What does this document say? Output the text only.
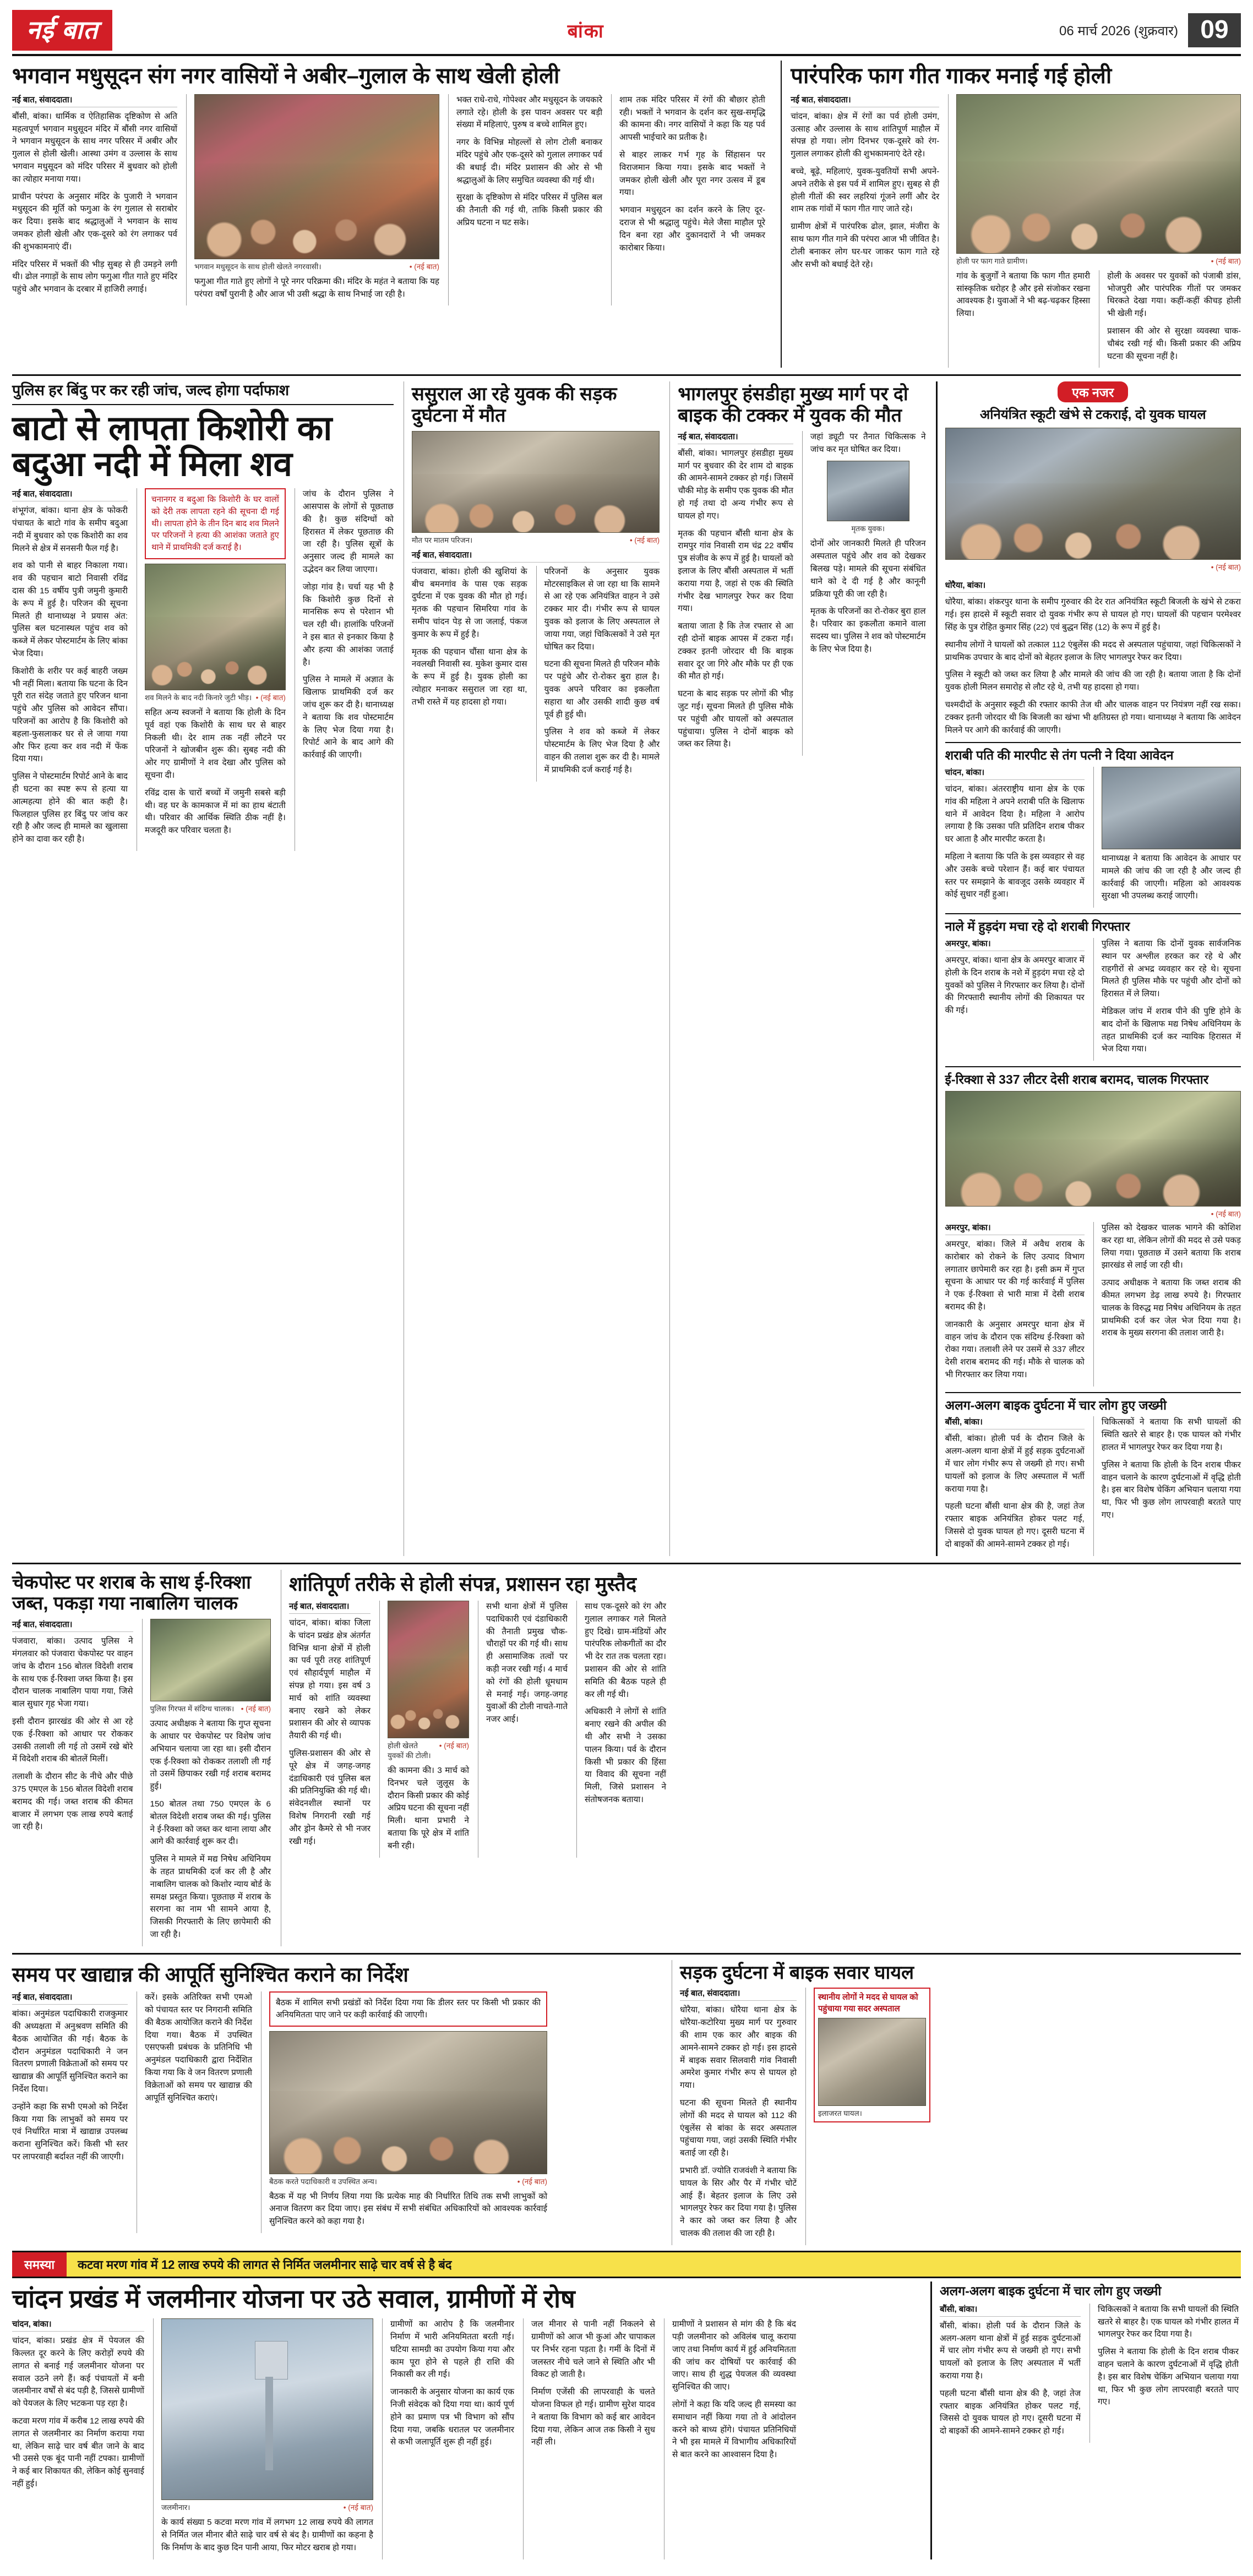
नई बात	बांका	06 मार्च 2026 (शुक्रवार) 09
भगवान मधुसूदन संग नगर वासियों ने अबीर–गुलाल के साथ खेली होली
नई बात, संवाददाता।

बौंसी, बांका। धार्मिक व ऐतिहासिक दृष्टिकोण से अति महत्वपूर्ण भगवान मधुसूदन मंदिर में बौंसी नगर वासियों ने भगवान मधुसूदन के साथ नगर परिसर में अबीर और गुलाल से होली खेली। आस्था उमंग व उल्लास के साथ भगवान मधुसूदन को मंदिर परिसर में बुधवार को होली का त्योहार मनाया गया।

प्राचीन परंपरा के अनुसार मंदिर के पुजारी ने भगवान मधुसूदन की मूर्ति को फगुआ के रंग गुलाल से सराबोर कर दिया। इसके बाद श्रद्धालुओं ने भगवान के साथ जमकर होली खेली और एक-दूसरे को रंग लगाकर पर्व की शुभकामनाएं दीं।

मंदिर परिसर में भक्तों की भीड़ सुबह से ही उमड़ने लगी थी। ढोल नगाड़ों के साथ लोग फगुआ गीत गाते हुए मंदिर पहुंचे और भगवान के दरबार में हाजिरी लगाई।

भगवान मधुसूदन के साथ होली खेलते नगरवासी।	• (नई बात)

फगुआ गीत गाते हुए लोगों ने पूरे नगर परिक्रमा की। मंदिर के महंत ने बताया कि यह परंपरा वर्षों पुरानी है और आज भी उसी श्रद्धा के साथ निभाई जा रही है।

भक्त राधे-राधे, गोपेश्वर और मधुसूदन के जयकारे लगाते रहे। होली के इस पावन अवसर पर बड़ी संख्या में महिलाएं, पुरुष व बच्चे शामिल हुए।

नगर के विभिन्न मोहल्लों से लोग टोली बनाकर मंदिर पहुंचे और एक-दूसरे को गुलाल लगाकर पर्व की बधाई दी। मंदिर प्रशासन की ओर से भी श्रद्धालुओं के लिए समुचित व्यवस्था की गई थी।

सुरक्षा के दृष्टिकोण से मंदिर परिसर में पुलिस बल की तैनाती की गई थी, ताकि किसी प्रकार की अप्रिय घटना न घट सके।

शाम तक मंदिर परिसर में रंगों की बौछार होती रही। भक्तों ने भगवान के दर्शन कर सुख-समृद्धि की कामना की। नगर वासियों ने कहा कि यह पर्व आपसी भाईचारे का प्रतीक है।

से बाहर लाकर गर्भ गृह के सिंहासन पर विराजमान किया गया। इसके बाद भक्तों ने जमकर होली खेली और पूरा नगर उत्सव में डूब गया।

भगवान मधुसूदन का दर्शन करने के लिए दूर-दराज से भी श्रद्धालु पहुंचे। मेले जैसा माहौल पूरे दिन बना रहा और दुकानदारों ने भी जमकर कारोबार किया।

पारंपरिक फाग गीत गाकर मनाई गई होली
नई बात, संवाददाता।

चांदन, बांका। क्षेत्र में रंगों का पर्व होली उमंग, उत्साह और उल्लास के साथ शांतिपूर्ण माहौल में संपन्न हो गया। लोग दिनभर एक-दूसरे को रंग-गुलाल लगाकर होली की शुभकामनाएं देते रहे।

बच्चे, बूढ़े, महिलाएं, युवक-युवतियों सभी अपने-अपने तरीके से इस पर्व में शामिल हुए। सुबह से ही होली गीतों की स्वर लहरियां गूंजने लगीं और देर शाम तक गांवों में फाग गीत गाए जाते रहे।

ग्रामीण क्षेत्रों में पारंपरिक ढोल, झाल, मंजीरा के साथ फाग गीत गाने की परंपरा आज भी जीवित है। टोली बनाकर लोग घर-घर जाकर फाग गाते रहे और सभी को बधाई देते रहे।	होली पर फाग गाते ग्रामीण।	• (नई बात)

गांव के बुजुर्गों ने बताया कि फाग गीत हमारी सांस्कृतिक धरोहर है और इसे संजोकर रखना आवश्यक है। युवाओं ने भी बढ़-चढ़कर हिस्सा लिया।

होली के अवसर पर युवकों को पंजाबी डांस, भोजपुरी और पारंपरिक गीतों पर जमकर थिरकते देखा गया। कहीं-कहीं कीचड़ होली भी खेली गई।

प्रशासन की ओर से सुरक्षा व्यवस्था चाक-चौबंद रखी गई थी। किसी प्रकार की अप्रिय घटना की सूचना नहीं है।

पुलिस हर बिंदु पर कर रही जांच, जल्द होगा पर्दाफाश
बाटो से लापता किशोरी का बदुआ नदी में मिला शव
नई बात, संवाददाता।

शंभूगंज, बांका। थाना क्षेत्र के फोकरी पंचायत के बाटो गांव के समीप बदुआ नदी में बुधवार को एक किशोरी का शव मिलने से क्षेत्र में सनसनी फैल गई है।

शव को पानी से बाहर निकाला गया। शव की पहचान बाटो निवासी रविंद्र दास की 15 वर्षीय पुत्री जमुनी कुमारी के रूप में हुई है। परिजन की सूचना मिलते ही थानाध्यक्ष ने प्रयास अंत: पुलिस बल घटनास्थल पहुंच शव को कब्जे में लेकर पोस्टमार्टम के लिए बांका भेज दिया।

किशोरी के शरीर पर कई बाहरी जख्म भी नहीं मिला। बताया कि घटना के दिन पूरी रात संदेह जताते हुए परिजन थाना पहुंचे और पुलिस को आवेदन सौंपा। परिजनों का आरोप है कि किशोरी को बहला-फुसलाकर घर से ले जाया गया और फिर हत्या कर शव नदी में फेंक दिया गया।

पुलिस ने पोस्टमार्टम रिपोर्ट आने के बाद ही घटना का स्पष्ट रूप से हत्या या आत्महत्या होने की बात कही है। फिलहाल पुलिस हर बिंदु पर जांच कर रही है और जल्द ही मामले का खुलासा होने का दावा कर रही है।

चनानगर व बदुआ कि किशोरी के घर वालों को देरी तक लापता रहने की सूचना दी गई थी। लापता होने के तीन दिन बाद शव मिलने पर परिजनों ने हत्या की आशंका जताते हुए थाने में प्राथमिकी दर्ज कराई है।
शव मिलने के बाद नदी किनारे जुटी भीड़। • (नई बात)

सहित अन्य स्वजनों ने बताया कि होली के दिन पूर्व वहां एक किशोरी के साथ घर से बाहर निकली थी। देर शाम तक नहीं लौटने पर परिजनों ने खोजबीन शुरू की। सुबह नदी की ओर गए ग्रामीणों ने शव देखा और पुलिस को सूचना दी।

रविंद्र दास के चारों बच्चों में जमुनी सबसे बड़ी थी। वह घर के कामकाज में मां का हाथ बंटाती थी। परिवार की आर्थिक स्थिति ठीक नहीं है। मजदूरी कर परिवार चलता है।

जांच के दौरान पुलिस ने आसपास के लोगों से पूछताछ की है। कुछ संदिग्धों को हिरासत में लेकर पूछताछ की जा रही है। पुलिस सूत्रों के अनुसार जल्द ही मामले का उद्भेदन कर लिया जाएगा।

जोड़ा गांव है। चर्चा यह भी है कि किशोरी कुछ दिनों से मानसिक रूप से परेशान भी चल रही थी। हालांकि परिजनों ने इस बात से इनकार किया है और हत्या की आशंका जताई है।

पुलिस ने मामले में अज्ञात के खिलाफ प्राथमिकी दर्ज कर जांच शुरू कर दी है। थानाध्यक्ष ने बताया कि शव पोस्टमार्टम के लिए भेज दिया गया है। रिपोर्ट आने के बाद आगे की कार्रवाई की जाएगी।

ससुराल आ रहे युवक की सड़क दुर्घटना में मौत
मौत पर मातम परिजन।	• (नई बात)
नई बात, संवाददाता।

पंजवारा, बांका। होली की खुशियां के बीच बमनगांव के पास एक सड़क दुर्घटना में एक युवक की मौत हो गई। मृतक की पहचान सिमरिया गांव के समीप चांदन पेड़ से जा जलाई, पंकज कुमार के रूप में हुई है।

मृतक की पहचान चौंसा थाना क्षेत्र के नवलखी निवासी स्व. मुकेश कुमार दास के रूप में हुई है। युवक होली का त्योहार मनाकर ससुराल जा रहा था, तभी रास्ते में यह हादसा हो गया।

परिजनों के अनुसार युवक मोटरसाइकिल से जा रहा था कि सामने से आ रहे एक अनियंत्रित वाहन ने उसे टक्कर मार दी। गंभीर रूप से घायल युवक को इलाज के लिए अस्पताल ले जाया गया, जहां चिकित्सकों ने उसे मृत घोषित कर दिया।

घटना की सूचना मिलते ही परिजन मौके पर पहुंचे और रो-रोकर बुरा हाल है। युवक अपने परिवार का इकलौता सहारा था और उसकी शादी कुछ वर्ष पूर्व ही हुई थी।

पुलिस ने शव को कब्जे में लेकर पोस्टमार्टम के लिए भेज दिया है और वाहन की तलाश शुरू कर दी है। मामले में प्राथमिकी दर्ज कराई गई है।

भागलपुर हंसडीहा मुख्य मार्ग पर दो बाइक की टक्कर में युवक की मौत
नई बात, संवाददाता।

बौंसी, बांका। भागलपुर हंसडीहा मुख्य मार्ग पर बुधवार की देर शाम दो बाइक की आमने-सामने टक्कर हो गई। जिसमें चौकी मोड़ के समीप एक युवक की मौत हो गई तथा दो अन्य गंभीर रूप से घायल हो गए।

मृतक की पहचान बौंसी थाना क्षेत्र के रामपुर गांव निवासी राम चंद्र 22 वर्षीय पुत्र संजीव के रूप में हुई है। घायलों को इलाज के लिए बौंसी अस्पताल में भर्ती कराया गया है, जहां से एक की स्थिति गंभीर देख भागलपुर रेफर कर दिया गया।

बताया जाता है कि तेज रफ्तार से आ रही दोनों बाइक आपस में टकरा गईं। टक्कर इतनी जोरदार थी कि बाइक सवार दूर जा गिरे और मौके पर ही एक की मौत हो गई।

घटना के बाद सड़क पर लोगों की भीड़ जुट गई। सूचना मिलते ही पुलिस मौके पर पहुंची और घायलों को अस्पताल पहुंचाया। पुलिस ने दोनों बाइक को जब्त कर लिया है।

जहां ड्यूटी पर तैनात चिकित्सक ने जांच कर मृत घोषित कर दिया।

मृतक युवक।

दोनों ओर जानकारी मिलते ही परिजन अस्पताल पहुंचे और शव को देखकर बिलख पड़े। मामले की सूचना संबंधित थाने को दे दी गई है और कानूनी प्रक्रिया पूरी की जा रही है।

मृतक के परिजनों का रो-रोकर बुरा हाल है। परिवार का इकलौता कमाने वाला सदस्य था। पुलिस ने शव को पोस्टमार्टम के लिए भेज दिया है।

एक नजर
अनियंत्रित स्कूटी खंभे से टकराई, दो युवक घायल
• (नई बात)
धोरैया, बांका।

धोरैया, बांका। शंकरपुर थाना के समीप गुरुवार की देर रात अनियंत्रित स्कूटी बिजली के खंभे से टकरा गई। इस हादसे में स्कूटी सवार दो युवक गंभीर रूप से घायल हो गए। घायलों की पहचान परमेश्वर सिंह के पुत्र रोहित कुमार सिंह (22) एवं बुद्धन सिंह (12) के रूप में हुई है।

स्थानीय लोगों ने घायलों को तत्काल 112 एंबुलेंस की मदद से अस्पताल पहुंचाया, जहां चिकित्सकों ने प्राथमिक उपचार के बाद दोनों को बेहतर इलाज के लिए भागलपुर रेफर कर दिया।

पुलिस ने स्कूटी को जब्त कर लिया है और मामले की जांच की जा रही है। बताया जाता है कि दोनों युवक होली मिलन समारोह से लौट रहे थे, तभी यह हादसा हो गया।

चश्मदीदों के अनुसार स्कूटी की रफ्तार काफी तेज थी और चालक वाहन पर नियंत्रण नहीं रख सका। टक्कर इतनी जोरदार थी कि बिजली का खंभा भी क्षतिग्रस्त हो गया। थानाध्यक्ष ने बताया कि आवेदन मिलने पर आगे की कार्रवाई की जाएगी।

शराबी पति की मारपीट से तंग पत्नी ने दिया आवेदन
चांदन, बांका।

चांदन, बांका। अंतरराष्ट्रीय थाना क्षेत्र के एक गांव की महिला ने अपने शराबी पति के खिलाफ थाने में आवेदन दिया है। महिला ने आरोप लगाया है कि उसका पति प्रतिदिन शराब पीकर घर आता है और मारपीट करता है।

महिला ने बताया कि पति के इस व्यवहार से वह और उसके बच्चे परेशान हैं। कई बार पंचायत स्तर पर समझाने के बावजूद उसके व्यवहार में कोई सुधार नहीं हुआ।

थानाध्यक्ष ने बताया कि आवेदन के आधार पर मामले की जांच की जा रही है और जल्द ही कार्रवाई की जाएगी। महिला को आवश्यक सुरक्षा भी उपलब्ध कराई जाएगी।

नाले में हुड़दंग मचा रहे दो शराबी गिरफ्तार
अमरपुर, बांका।

अमरपुर, बांका। थाना क्षेत्र के अमरपुर बाजार में होली के दिन शराब के नशे में हुड़दंग मचा रहे दो युवकों को पुलिस ने गिरफ्तार कर लिया है। दोनों की गिरफ्तारी स्थानीय लोगों की शिकायत पर की गई।

पुलिस ने बताया कि दोनों युवक सार्वजनिक स्थान पर अश्लील हरकत कर रहे थे और राहगीरों से अभद्र व्यवहार कर रहे थे। सूचना मिलते ही पुलिस मौके पर पहुंची और दोनों को हिरासत में ले लिया।

मेडिकल जांच में शराब पीने की पुष्टि होने के बाद दोनों के खिलाफ मद्य निषेध अधिनियम के तहत प्राथमिकी दर्ज कर न्यायिक हिरासत में भेज दिया गया।

ई-रिक्शा से 337 लीटर देसी शराब बरामद, चालक गिरफ्तार
• (नई बात)
अमरपुर, बांका।

अमरपुर, बांका। जिले में अवैध शराब के कारोबार को रोकने के लिए उत्पाद विभाग लगातार छापेमारी कर रहा है। इसी क्रम में गुप्त सूचना के आधार पर की गई कार्रवाई में पुलिस ने एक ई-रिक्शा से भारी मात्रा में देसी शराब बरामद की है।

जानकारी के अनुसार अमरपुर थाना क्षेत्र में वाहन जांच के दौरान एक संदिग्ध ई-रिक्शा को रोका गया। तलाशी लेने पर उसमें से 337 लीटर देसी शराब बरामद की गई। मौके से चालक को भी गिरफ्तार कर लिया गया।

पुलिस को देखकर चालक भागने की कोशिश कर रहा था, लेकिन लोगों की मदद से उसे पकड़ लिया गया। पूछताछ में उसने बताया कि शराब झारखंड से लाई जा रही थी।

उत्पाद अधीक्षक ने बताया कि जब्त शराब की कीमत लगभग डेढ़ लाख रुपये है। गिरफ्तार चालक के विरुद्ध मद्य निषेध अधिनियम के तहत प्राथमिकी दर्ज कर जेल भेज दिया गया है। शराब के मुख्य सरगना की तलाश जारी है।

अलग-अलग बाइक दुर्घटना में चार लोग हुए जख्मी
बौंसी, बांका।

बौंसी, बांका। होली पर्व के दौरान जिले के अलग-अलग थाना क्षेत्रों में हुई सड़क दुर्घटनाओं में चार लोग गंभीर रूप से जख्मी हो गए। सभी घायलों को इलाज के लिए अस्पताल में भर्ती कराया गया है।

पहली घटना बौंसी थाना क्षेत्र की है, जहां तेज रफ्तार बाइक अनियंत्रित होकर पलट गई, जिससे दो युवक घायल हो गए। दूसरी घटना में दो बाइकों की आमने-सामने टक्कर हो गई।

चिकित्सकों ने बताया कि सभी घायलों की स्थिति खतरे से बाहर है। एक घायल को गंभीर हालत में भागलपुर रेफर कर दिया गया है।

पुलिस ने बताया कि होली के दिन शराब पीकर वाहन चलाने के कारण दुर्घटनाओं में वृद्धि होती है। इस बार विशेष चेकिंग अभियान चलाया गया था, फिर भी कुछ लोग लापरवाही बरतते पाए गए।

चेकपोस्ट पर शराब के साथ ई-रिक्शा जब्त, पकड़ा गया नाबालिग चालक
नई बात, संवाददाता।

पंजवारा, बांका। उत्पाद पुलिस ने मंगलवार को पंजवारा चेकपोस्ट पर वाहन जांच के दौरान 156 बोतल विदेशी शराब के साथ एक ई-रिक्शा जब्त किया है। इस दौरान चालक नाबालिग पाया गया, जिसे बाल सुधार गृह भेजा गया।

इसी दौरान झारखंड की ओर से आ रहे एक ई-रिक्शा को आधार पर रोककर उसकी तलाशी ली गई तो उसमें रखे बोरे में विदेशी शराब की बोतलें मिलीं।

तलाशी के दौरान सीट के नीचे और पीछे 375 एमएल के 156 बोतल विदेशी शराब बरामद की गई। जब्त शराब की कीमत बाजार में लगभग एक लाख रुपये बताई जा रही है।

पुलिस गिरफ्त में संदिग्ध चालक। • (नई बात)

उत्पाद अधीक्षक ने बताया कि गुप्त सूचना के आधार पर चेकपोस्ट पर विशेष जांच अभियान चलाया जा रहा था। इसी दौरान एक ई-रिक्शा को रोककर तलाशी ली गई तो उसमें छिपाकर रखी गई शराब बरामद हुई।

150 बोतल तथा 750 एमएल के 6 बोतल विदेशी शराब जब्त की गई। पुलिस ने ई-रिक्शा को जब्त कर थाना लाया और आगे की कार्रवाई शुरू कर दी।

पुलिस ने मामले में मद्य निषेध अधिनियम के तहत प्राथमिकी दर्ज कर ली है और नाबालिग चालक को किशोर न्याय बोर्ड के समक्ष प्रस्तुत किया। पूछताछ में शराब के सरगना का नाम भी सामने आया है, जिसकी गिरफ्तारी के लिए छापेमारी की जा रही है।

शांतिपूर्ण तरीके से होली संपन्न, प्रशासन रहा मुस्तैद
नई बात, संवाददाता।

चांदन, बांका। बांका जिला के चांदन प्रखंड क्षेत्र अंतर्गत विभिन्न थाना क्षेत्रों में होली का पर्व पूरी तरह शांतिपूर्ण एवं सौहार्दपूर्ण माहौल में संपन्न हो गया। इस वर्ष 3 मार्च को शांति व्यवस्था बनाए रखने को लेकर प्रशासन की ओर से व्यापक तैयारी की गई थी।

पुलिस-प्रशासन की ओर से पूरे क्षेत्र में जगह-जगह दंडाधिकारी एवं पुलिस बल की प्रतिनियुक्ति की गई थी। संवेदनशील स्थानों पर विशेष निगरानी रखी गई और ड्रोन कैमरे से भी नजर रखी गई।

होली खेलते युवकों की टोली।
• (नई बात)

की कामना की। 3 मार्च को दिनभर चले जुलूस के दौरान किसी प्रकार की कोई अप्रिय घटना की सूचना नहीं मिली। थाना प्रभारी ने बताया कि पूरे क्षेत्र में शांति बनी रही।

सभी थाना क्षेत्रों में पुलिस पदाधिकारी एवं दंडाधिकारी की तैनाती प्रमुख चौक-चौराहों पर की गई थी। साथ ही असामाजिक तत्वों पर कड़ी नजर रखी गई। 4 मार्च को रंगों की होली धूमधाम से मनाई गई। जगह-जगह युवाओं की टोली नाचते-गाते नजर आई।

साथ एक-दूसरे को रंग और गुलाल लगाकर गले मिलते हुए दिखे। ग्राम-मंडियों और पारंपरिक लोकगीतों का दौर भी देर रात तक चलता रहा। प्रशासन की ओर से शांति समिति की बैठक पहले ही कर ली गई थी।

अधिकारी ने लोगों से शांति बनाए रखने की अपील की थी और सभी ने उसका पालन किया। पर्व के दौरान किसी भी प्रकार की हिंसा या विवाद की सूचना नहीं मिली, जिसे प्रशासन ने संतोषजनक बताया।

समय पर खाद्यान्न की आपूर्ति सुनिश्चित कराने का निर्देश
नई बात, संवाददाता।

बांका। अनुमंडल पदाधिकारी राजकुमार की अध्यक्षता में अनुश्रवण समिति की बैठक आयोजित की गई। बैठक के दौरान अनुमंडल पदाधिकारी ने जन वितरण प्रणाली विक्रेताओं को समय पर खाद्यान्न की आपूर्ति सुनिश्चित कराने का निर्देश दिया।

उन्होंने कहा कि सभी एमओ को निर्देश किया गया कि लाभुकों को समय पर एवं निर्धारित मात्रा में खाद्यान्न उपलब्ध कराना सुनिश्चित करें। किसी भी स्तर पर लापरवाही बर्दाश्त नहीं की जाएगी।

करें। इसके अतिरिक्त सभी एमओ को पंचायत स्तर पर निगरानी समिति की बैठक आयोजित कराने की निर्देश दिया गया। बैठक में उपस्थित एसएफसी प्रबंधक के प्रतिनिधि भी अनुमंडल पदाधिकारी द्वारा निर्देशित किया गया कि वे जन वितरण प्रणाली विक्रेताओं को समय पर खाद्यान्न की आपूर्ति सुनिश्चित कराएं।

बैठक में शामिल सभी प्रखंडों को निर्देश दिया गया कि डीलर स्तर पर किसी भी प्रकार की अनियमितता पाए जाने पर कड़ी कार्रवाई की जाएगी।
बैठक करते पदाधिकारी व उपस्थित अन्य।	• (नई बात)

बैठक में यह भी निर्णय लिया गया कि प्रत्येक माह की निर्धारित तिथि तक सभी लाभुकों को अनाज वितरण कर दिया जाए। इस संबंध में सभी संबंधित अधिकारियों को आवश्यक कार्रवाई सुनिश्चित करने को कहा गया है।

सड़क दुर्घटना में बाइक सवार घायल
नई बात, संवाददाता।

धोरैया, बांका। धोरैया थाना क्षेत्र के धोरैया-कटोरिया मुख्य मार्ग पर गुरुवार की शाम एक कार और बाइक की आमने-सामने टक्कर हो गई। इस हादसे में बाइक सवार सिलवारी गांव निवासी अमरेश कुमार गंभीर रूप से घायल हो गया।

घटना की सूचना मिलते ही स्थानीय लोगों की मदद से घायल को 112 की एंबुलेंस से बांका के सदर अस्पताल पहुंचाया गया, जहां उसकी स्थिति गंभीर बताई जा रही है।

प्रभारी डॉ. ज्योति राजवंशी ने बताया कि घायल के सिर और पैर में गंभीर चोटें आई हैं। बेहतर इलाज के लिए उसे भागलपुर रेफर कर दिया गया है। पुलिस ने कार को जब्त कर लिया है और चालक की तलाश की जा रही है।

स्थानीय लोगों ने मदद से घायल को पहुंचाया गया सदर अस्पताल
इलाजरत घायल।
समस्या	कटवा मरण गांव में 12 लाख रुपये की लागत से निर्मित जलमीनार साढ़े चार वर्ष से है बंद
चांदन प्रखंड में जलमीनार योजना पर उठे सवाल, ग्रामीणों में रोष
चांदन, बांका।

चांदन, बांका। प्रखंड क्षेत्र में पेयजल की किल्लत दूर करने के लिए करोड़ों रुपये की लागत से बनाई गई जलमीनार योजना पर सवाल उठने लगे हैं। कई पंचायतों में बनी जलमीनार वर्षों से बंद पड़ी है, जिससे ग्रामीणों को पेयजल के लिए भटकना पड़ रहा है।

कटवा मरण गांव में करीब 12 लाख रुपये की लागत से जलमीनार का निर्माण कराया गया था, लेकिन साढ़े चार वर्ष बीत जाने के बाद भी उससे एक बूंद पानी नहीं टपका। ग्रामीणों ने कई बार शिकायत की, लेकिन कोई सुनवाई नहीं हुई।

जलमीनार।	• (नई बात)

के कार्य संख्या 5 कटवा मरण गांव में लगभग 12 लाख रुपये की लागत से निर्मित जल मीनार बीते साढ़े चार वर्ष से बंद है। ग्रामीणों का कहना है कि निर्माण के बाद कुछ दिन पानी आया, फिर मोटर खराब हो गया।

ग्रामीणों का आरोप है कि जलमीनार निर्माण में भारी अनियमितता बरती गई। घटिया सामग्री का उपयोग किया गया और काम पूरा होने से पहले ही राशि की निकासी कर ली गई।

जानकारी के अनुसार योजना का कार्य एक निजी संवेदक को दिया गया था। कार्य पूर्ण होने का प्रमाण पत्र भी विभाग को सौंप दिया गया, जबकि धरातल पर जलमीनार से कभी जलापूर्ति शुरू ही नहीं हुई।

जल मीनार से पानी नहीं निकलने से ग्रामीणों को आज भी कुआं और चापाकल पर निर्भर रहना पड़ता है। गर्मी के दिनों में जलस्तर नीचे चले जाने से स्थिति और भी विकट हो जाती है।

निर्माण एजेंसी की लापरवाही के चलते योजना विफल हो गई। ग्रामीण सुरेश यादव ने बताया कि विभाग को कई बार आवेदन दिया गया, लेकिन आज तक किसी ने सुध नहीं ली।

ग्रामीणों ने प्रशासन से मांग की है कि बंद पड़ी जलमीनार को अविलंब चालू कराया जाए तथा निर्माण कार्य में हुई अनियमितता की जांच कर दोषियों पर कार्रवाई की जाए। साथ ही शुद्ध पेयजल की व्यवस्था सुनिश्चित की जाए।

लोगों ने कहा कि यदि जल्द ही समस्या का समाधान नहीं किया गया तो वे आंदोलन करने को बाध्य होंगे। पंचायत प्रतिनिधियों ने भी इस मामले में विभागीय अधिकारियों से बात करने का आश्वासन दिया है।

अलग-अलग बाइक दुर्घटना में चार लोग हुए जख्मी
बौंसी, बांका।

बौंसी, बांका। होली पर्व के दौरान जिले के अलग-अलग थाना क्षेत्रों में हुई सड़क दुर्घटनाओं में चार लोग गंभीर रूप से जख्मी हो गए। सभी घायलों को इलाज के लिए अस्पताल में भर्ती कराया गया है।

पहली घटना बौंसी थाना क्षेत्र की है, जहां तेज रफ्तार बाइक अनियंत्रित होकर पलट गई, जिससे दो युवक घायल हो गए। दूसरी घटना में दो बाइकों की आमने-सामने टक्कर हो गई।

चिकित्सकों ने बताया कि सभी घायलों की स्थिति खतरे से बाहर है। एक घायल को गंभीर हालत में भागलपुर रेफर कर दिया गया है।

पुलिस ने बताया कि होली के दिन शराब पीकर वाहन चलाने के कारण दुर्घटनाओं में वृद्धि होती है। इस बार विशेष चेकिंग अभियान चलाया गया था, फिर भी कुछ लोग लापरवाही बरतते पाए गए।
